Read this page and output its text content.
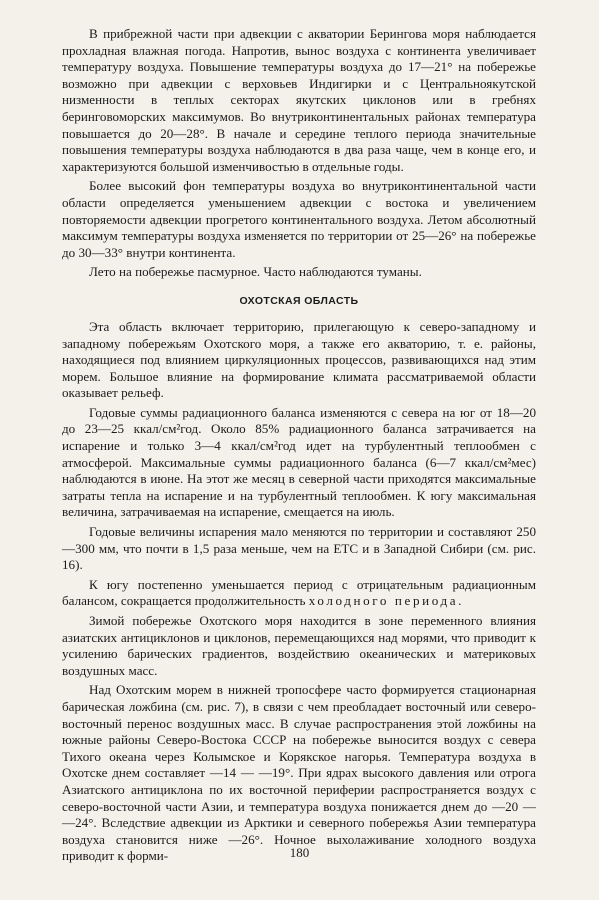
В прибрежной части при адвекции с акватории Берингова моря наблюдается прохладная влажная погода. Напротив, вынос воздуха с континента увеличивает температуру воздуха. Повышение температуры воздуха до 17—21° на побережье возможно при адвекции с верховьев Индигирки и с Центральноякутской низменности в теплых секторах якутских циклонов или в гребнях беринговоморских максимумов. Во внутриконтинентальных районах температура повышается до 20—28°. В начале и середине теплого периода значительные повышения температуры воздуха наблюдаются в два раза чаще, чем в конце его, и характеризуются большой изменчивостью в отдельные годы.

Более высокий фон температуры воздуха во внутриконтинентальной части области определяется уменьшением адвекции с востока и увеличением повторяемости адвекции прогретого континентального воздуха. Летом абсолютный максимум температуры воздуха изменяется по территории от 25—26° на побережье до 30—33° внутри континента.

Лето на побережье пасмурное. Часто наблюдаются туманы.

ОХОТСКАЯ ОБЛАСТЬ

Эта область включает территорию, прилегающую к северо-западному и западному побережьям Охотского моря, а также его акваторию, т. е. районы, находящиеся под влиянием циркуляционных процессов, развивающихся над этим морем. Большое влияние на формирование климата рассматриваемой области оказывает рельеф.

Годовые суммы радиационного баланса изменяются с севера на юг от 18—20 до 23—25 ккал/см²год. Около 85% радиационного баланса затрачивается на испарение и только 3—4 ккал/см²год идет на турбулентный теплообмен с атмосферой. Максимальные суммы радиационного баланса (6—7 ккал/см²мес) наблюдаются в июне. На этот же месяц в северной части приходятся максимальные затраты тепла на испарение и на турбулентный теплообмен. К югу максимальная величина, затрачиваемая на испарение, смещается на июль.

Годовые величины испарения мало меняются по территории и составляют 250—300 мм, что почти в 1,5 раза меньше, чем на ЕТС и в Западной Сибири (см. рис. 16).

К югу постепенно уменьшается период с отрицательным радиационным балансом, сокращается продолжительность холодного периода.

Зимой побережье Охотского моря находится в зоне переменного влияния азиатских антициклонов и циклонов, перемещающихся над морями, что приводит к усилению барических градиентов, воздействию океанических и материковых воздушных масс.

Над Охотским морем в нижней тропосфере часто формируется стационарная барическая ложбина (см. рис. 7), в связи с чем преобладает восточный или северо-восточный перенос воздушных масс. В случае распространения этой ложбины на южные районы Северо-Востока СССР на побережье выносится воздух с севера Тихого океана через Колымское и Корякское нагорья. Температура воздуха в Охотске днем составляет —14 — —19°. При ядрах высокого давления или отрога Азиатского антициклона по их восточной периферии распространяется воздух с северо-восточной части Азии, и температура воздуха понижается днем до —20 — —24°. Вследствие адвекции из Арктики и северного побережья Азии температура воздуха становится ниже —26°. Ночное выхолаживание холодного воздуха приводит к форми-	180
